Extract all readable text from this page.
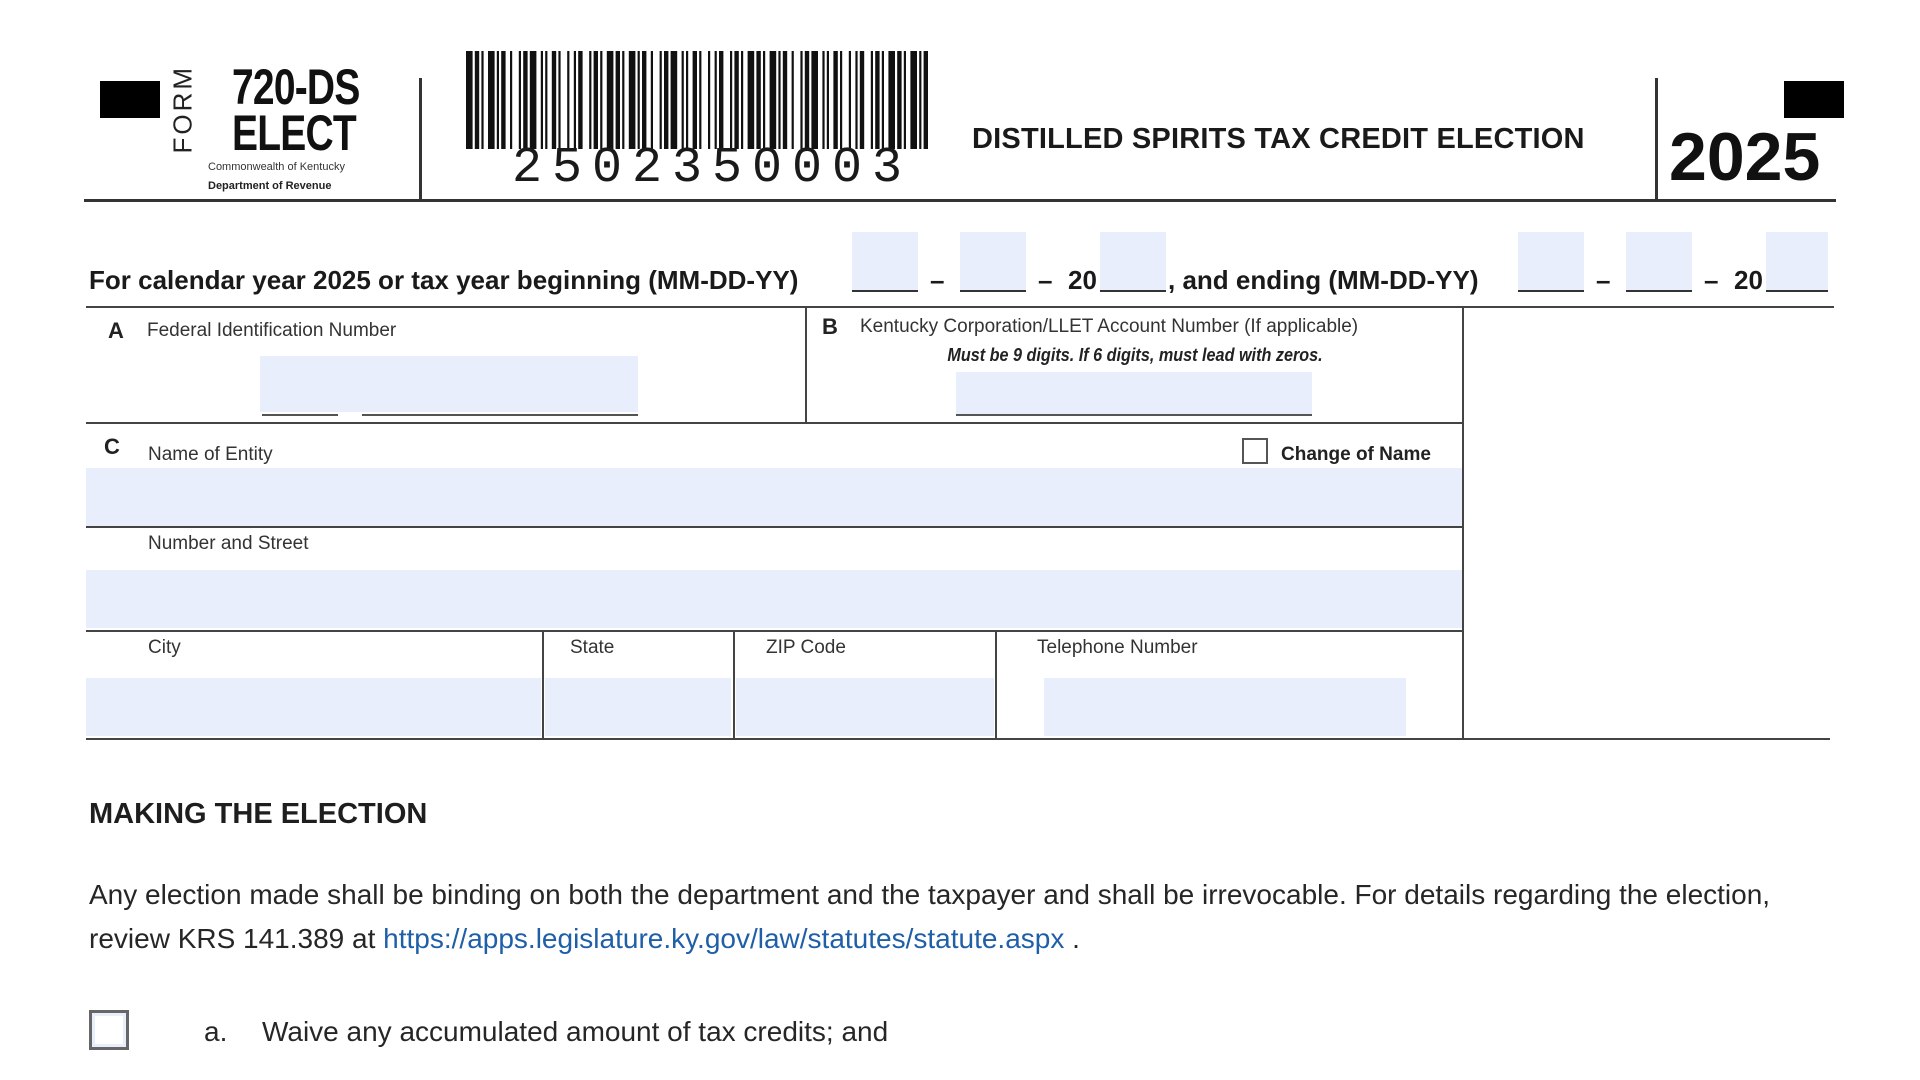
FORM 720-DS
ELECT
Commonwealth of Kentucky
Department of Revenue	2502350003
DISTILLED SPIRITS TAX CREDIT ELECTION 2025
For calendar year 2025 or tax year beginning (MM-DD-YY)	–	– 20	, and ending (MM-DD-YY)	–	– 20
A Federal Identification Number	B Kentucky Corporation/LLET Account Number (If applicable)
Must be 9 digits. If 6 digits, must lead with zeros.
C Name of Entity	Change of Name
Number and Street
City	State	ZIP Code	Telephone Number
MAKING THE ELECTION

Any election made shall be binding on both the department and the taxpayer and shall be irrevocable. For details regarding the election, review KRS 141.389 at https://apps.legislature.ky.gov/law/statutes/statute.aspx .

a. Waive any accumulated amount of tax credits; and
